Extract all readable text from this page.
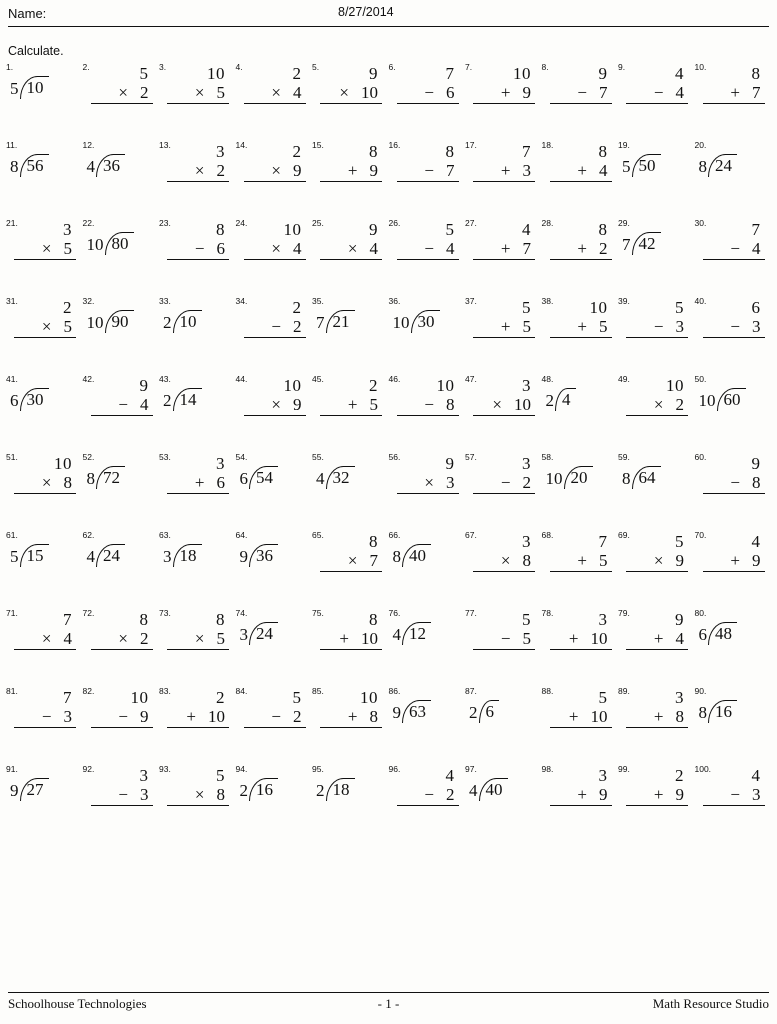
Name:	8/27/2014
Calculate.
1.
5 10
2.	5
× 2
3.	10
× 5
4.	2
× 4
5.	9
× 10
6.	7
− 6
7.	10
+ 9
8.	9
− 7
9.	4
− 4
10.	8
+ 7
11.
8 56
12.
4 36
13.	3
× 2
14.	2
× 9
15.	8
+ 9
16.	8
− 7
17.	7
+ 3
18.	8
+ 4
19.
5 50
20.
8 24
21.	3
× 5
22.
10 80
23.	8
− 6
24.	10
× 4
25.	9
× 4
26.	5
− 4
27.	4
+ 7
28.	8
+ 2
29.
7 42
30.	7
− 4
31.	2
× 5
32.
10 90
33.
2 10
34.	2
− 2
35.
7 21
36.
10 30
37.	5
+ 5
38.	10
+ 5
39.	5
− 3
40.	6
− 3
41.
6 30
42.	9
− 4
43.
2 14
44.	10
× 9
45.	2
+ 5
46.	10
− 8
47.	3
× 10
48.
2 4
49.	10
× 2
50.
10 60
51.	10
× 8
52.
8 72
53.	3
+ 6
54.
6 54
55.
4 32
56.	9
× 3
57.	3
− 2
58.
10 20
59.
8 64
60.	9
− 8
61.
5 15
62.
4 24
63.
3 18
64.
9 36
65.	8
× 7
66.
8 40
67.	3
× 8
68.	7
+ 5
69.	5
× 9
70.	4
+ 9
71.	7
× 4
72.	8
× 2
73.	8
× 5
74.
3 24
75.	8
+ 10
76.
4 12
77.	5
− 5
78.	3
+ 10
79.	9
+ 4
80.
6 48
81.	7
− 3
82.	10
− 9
83.	2
+ 10
84.	5
− 2
85.	10
+ 8
86.
9 63
87.
2 6
88.	5
+ 10
89.	3
+ 8
90.
8 16
91.
9 27
92.	3
− 3
93.	5
× 8
94.
2 16
95.
2 18
96.	4
− 2
97.
4 40
98.	3
+ 9
99.	2
+ 9
100.	4
− 3
Schoolhouse Technologies	- 1 -	Math Resource Studio
